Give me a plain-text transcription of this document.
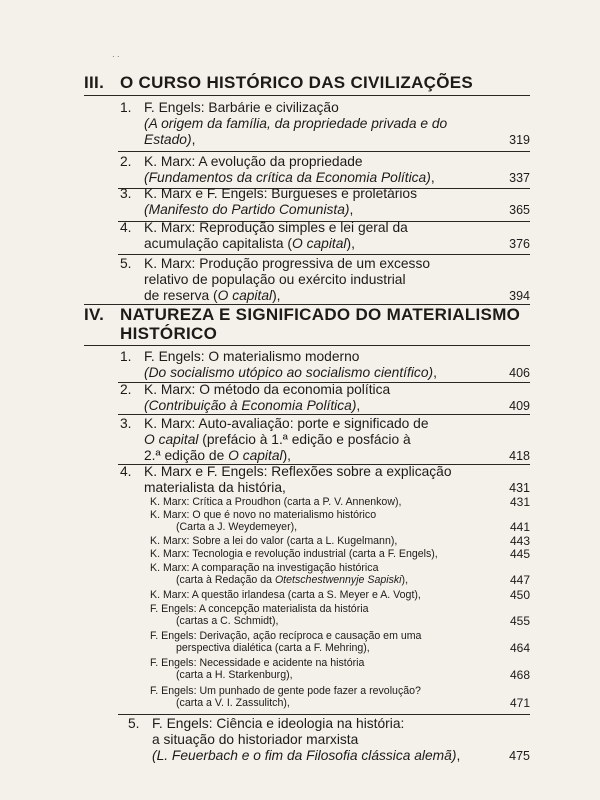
· ·
III. O CURSO HISTÓRICO DAS CIVILIZAÇÕES
1. F. Engels: Barbárie e civilização
(A origem da família, da propriedade privada e do
Estado),	319
2. K. Marx: A evolução da propriedade
(Fundamentos da crítica da Economia Política),	337
3. K. Marx e F. Engels: Burgueses e proletários
(Manifesto do Partido Comunista),	365
4. K. Marx: Reprodução simples e lei geral da
acumulação capitalista (O capital),	376
5. K. Marx: Produção progressiva de um excesso
relativo de população ou exército industrial
de reserva (O capital),	394
IV. NATUREZA E SIGNIFICADO DO MATERIALISMO
HISTÓRICO
1. F. Engels: O materialismo moderno
(Do socialismo utópico ao socialismo científico),	406
2. K. Marx: O método da economia política
(Contribuição à Economia Política),	409
3. K. Marx: Auto-avaliação: porte e significado de
O capital (prefácio à 1.ª edição e posfácio à
2.ª edição de O capital),	418
4. K. Marx e F. Engels: Reflexões sobre a explicação
materialista da história,	431
K. Marx: Crítica a Proudhon (carta a P. V. Annenkow),	431
K. Marx: O que é novo no materialismo histórico
(Carta a J. Weydemeyer),	441
K. Marx: Sobre a lei do valor (carta a L. Kugelmann),	443
K. Marx: Tecnologia e revolução industrial (carta a F. Engels),	445
K. Marx: A comparação na investigação histórica
(carta à Redação da Otetschestwennyje Sapiski),	447
K. Marx: A questão irlandesa (carta a S. Meyer e A. Vogt),	450
F. Engels: A concepção materialista da história
(cartas a C. Schmidt),	455
F. Engels: Derivação, ação recíproca e causação em uma
perspectiva dialética (carta a F. Mehring),	464
F. Engels: Necessidade e acidente na história
(carta a H. Starkenburg),	468
F. Engels: Um punhado de gente pode fazer a revolução?
(carta a V. I. Zassulitch),	471
5. F. Engels: Ciência e ideologia na história:
a situação do historiador marxista
(L. Feuerbach e o fim da Filosofia clássica alemã),	475
